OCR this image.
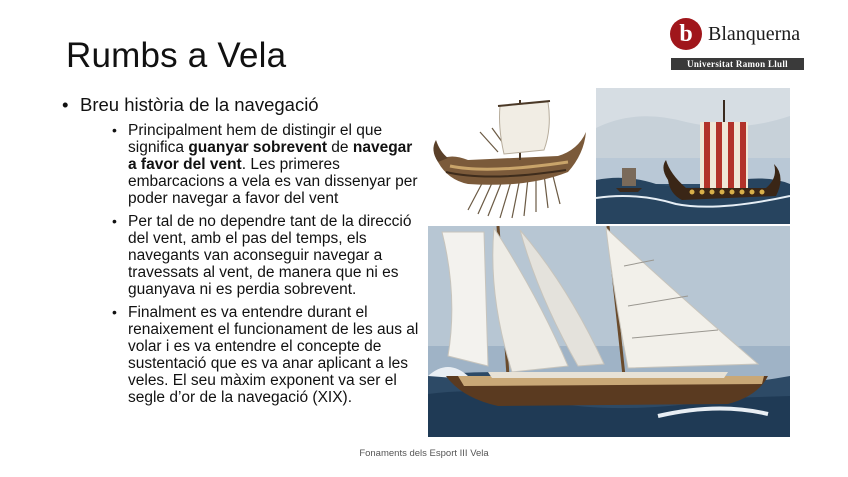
Rumbs a Vela
b Blanquerna
Universitat Ramon Llull
• Breu història de la navegació
• Principalment hem de distingir el que significa guanyar sobrevent de navegar a favor del vent. Les primeres embarcacions a vela es van dissenyar per poder navegar a favor del vent
• Per tal de no dependre tant de la direcció del vent, amb el pas del temps, els navegants van aconseguir navegar a travessats al vent, de manera que ni es guanyava ni es perdia sobrevent.
• Finalment es va entendre durant el renaixement el funcionament de les aus al volar i es va entendre el concepte de sustentació que es va anar aplicant a les veles. El seu màxim exponent va ser el segle d’or de la navegació (XIX).
Fonaments dels Esport III Vela
